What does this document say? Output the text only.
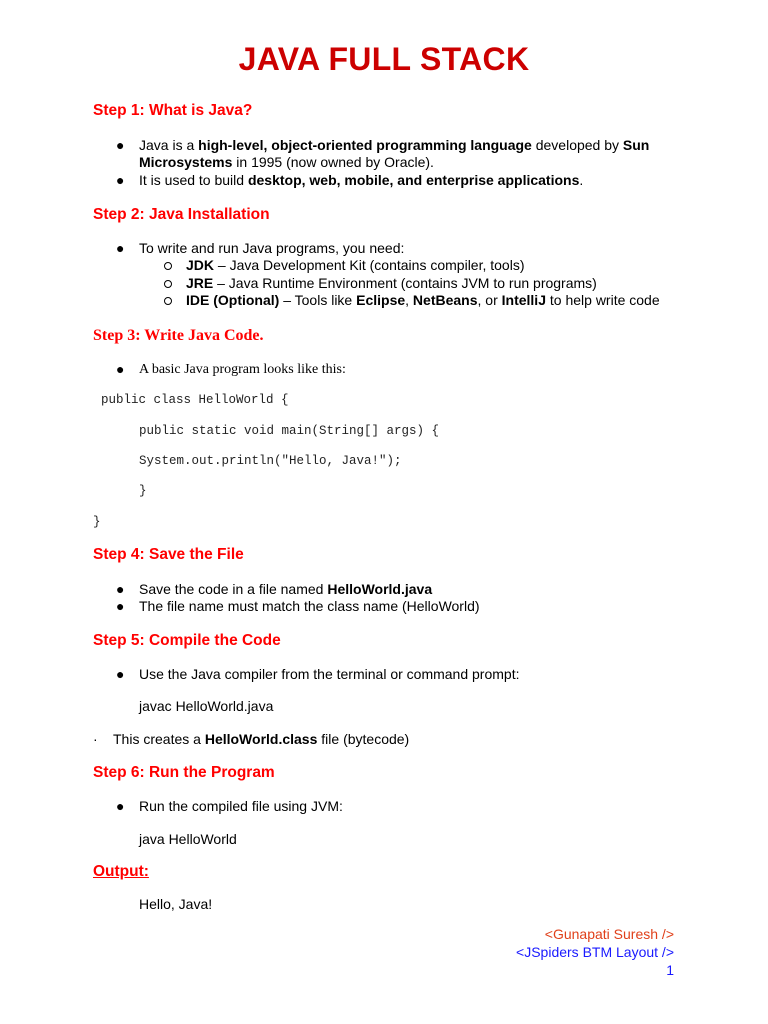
JAVA FULL STACK
Step 1: What is Java?
● Java is a high-level, object-oriented programming language developed by Sun
Microsystems in 1995 (now owned by Oracle).
● It is used to build desktop, web, mobile, and enterprise applications.
Step 2: Java Installation
● To write and run Java programs, you need:
JDK – Java Development Kit (contains compiler, tools)
JRE – Java Runtime Environment (contains JVM to run programs)
IDE (Optional) – Tools like Eclipse, NetBeans, or IntelliJ to help write code
Step 3: Write Java Code.
● A basic Java program looks like this:
public class HelloWorld {
public static void main(String[] args) {
System.out.println("Hello, Java!");
}
}
Step 4: Save the File
● Save the code in a file named HelloWorld.java
● The file name must match the class name (HelloWorld)
Step 5: Compile the Code
● Use the Java compiler from the terminal or command prompt:
javac HelloWorld.java
· This creates a HelloWorld.class file (bytecode)
Step 6: Run the Program
● Run the compiled file using JVM:
java HelloWorld
Output:
Hello, Java!
<Gunapati Suresh />
<JSpiders BTM Layout />
1
